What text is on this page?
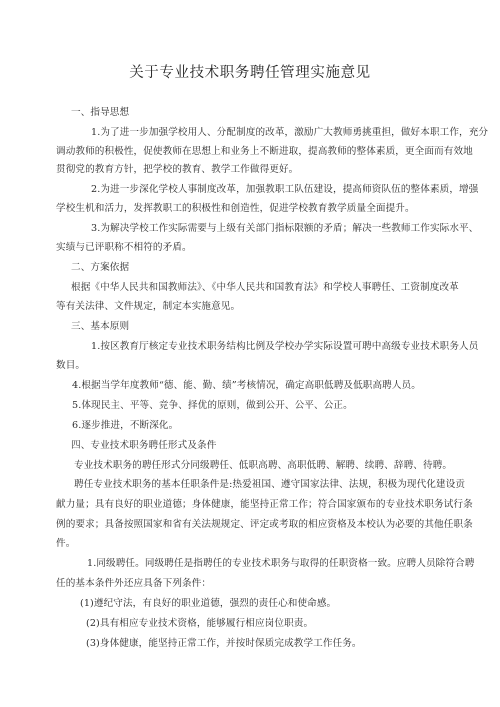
关于专业技术职务聘任管理实施意见
一、指导思想
1.为了进一步加强学校用人、分配制度的改革，激励广大教师勇挑重担，做好本职工作，充分
调动教师的积极性，促使教师在思想上和业务上不断进取，提高教师的整体素质，更全面而有效地
贯彻党的教育方针，把学校的教育、教学工作做得更好。
2.为进一步深化学校人事制度改革，加强教职工队伍建设，提高师资队伍的整体素质，增强
学校生机和活力，发挥教职工的积极性和创造性，促进学校教育教学质量全面提升。
3.为解决学校工作实际需要与上级有关部门指标限额的矛盾；解决一些教师工作实际水平、
实绩与已评职称不相符的矛盾。
二、方案依据
根据《中华人民共和国教师法》、《中华人民共和国教育法》和学校人事聘任、工资制度改革
等有关法律、文件规定，制定本实施意见。
三、基本原则
1.按区教育厅核定专业技术职务结构比例及学校办学实际设置可聘中高级专业技术职务人员
数目。
4.根据当学年度教师“德、能、勤、绩”考核情况，确定高职低聘及低职高聘人员。
5.体现民主、平等、竞争、择优的原则，做到公开、公平、公正。
6.逐步推进，不断深化。
四、专业技术职务聘任形式及条件
专业技术职务的聘任形式分同级聘任、低职高聘、高职低聘、解聘、续聘、辞聘、待聘。
聘任专业技术职务的基本任职条件是:热爱祖国、遵守国家法律、法规，积极为现代化建设贡
献力量；具有良好的职业道德；身体健康，能坚持正常工作；符合国家颁布的专业技术职务试行条
例的要求；具备按照国家和省有关法规规定、评定或考取的相应资格及本校认为必要的其他任职条
件。
1.同级聘任。同级聘任是指聘任的专业技术职务与取得的任职资格一致。应聘人员除符合聘
任的基本条件外还应具备下列条件：
(1)遵纪守法，有良好的职业道德，强烈的责任心和使命感。
(2)具有相应专业技术资格，能够履行相应岗位职责。
(3)身体健康，能坚持正常工作，并按时保质完成教学工作任务。
